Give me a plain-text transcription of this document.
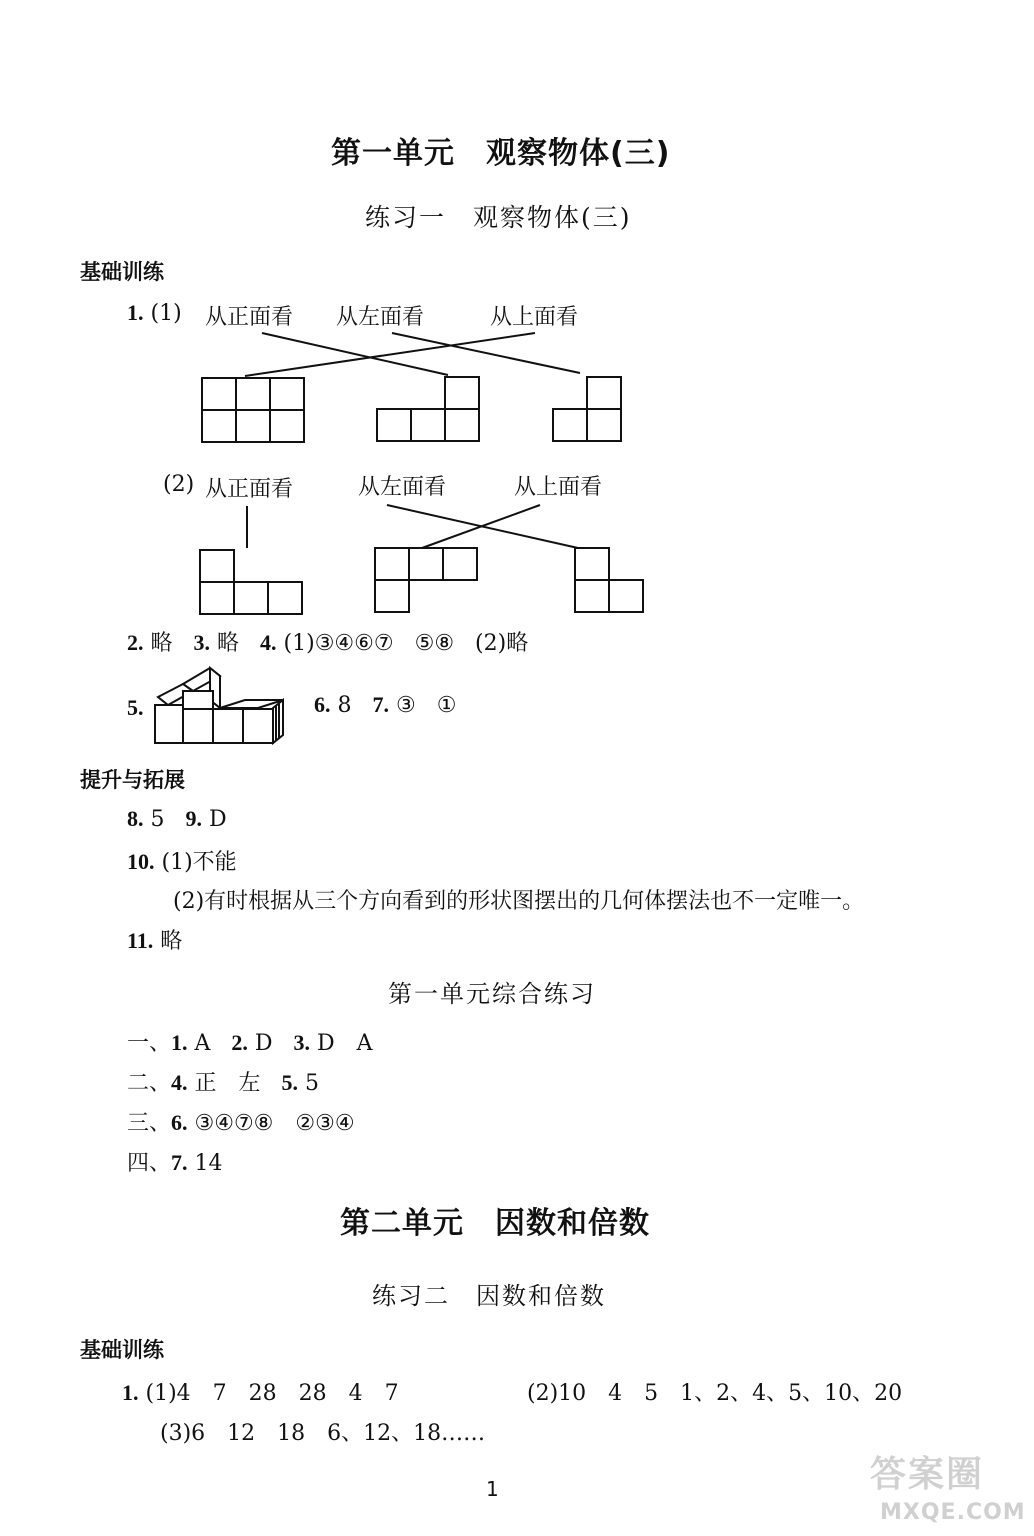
第一单元　观察物体(三)
练习一　观察物体(三)
基础训练
1. (1) 从正面看 从左面看	从上面看
(2) 从正面看	从左面看	从上面看
2. 略 3. 略 4. (1)③④⑥⑦ ⑤⑧ (2)略
5.	6. 8 7. ③ ①
提升与拓展
8. 5 9. D
10. (1)不能
(2)有时根据从三个方向看到的形状图摆出的几何体摆法也不一定唯一。
11. 略
第一单元综合练习
一、1. A 2. D 3. D　A
二、4. 正　左 5. 5
三、6. ③④⑦⑧　②③④
四、7. 14
第二单元　因数和倍数
练习二　因数和倍数
基础训练
1. (1)4　7　28　28　4　7	(2)10　4　5　1、2、4、5、10、20
(3)6　12　18　6、12、18……
1	答案圈
MXQE.COM
